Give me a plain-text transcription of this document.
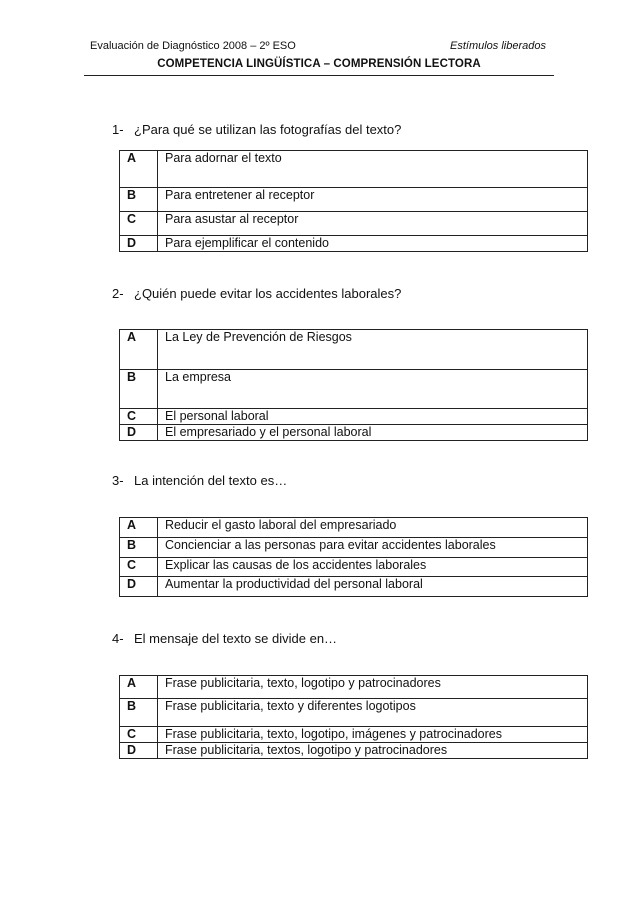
Evaluación de Diagnóstico 2008 – 2º ESO	Estímulos liberados
COMPETENCIA LINGÜÍSTICA – COMPRENSIÓN LECTORA
1- ¿Para qué se utilizan las fotografías del texto?
A	Para adornar el texto
B	Para entretener al receptor
C	Para asustar al receptor
D	Para ejemplificar el contenido
2- ¿Quién puede evitar los accidentes laborales?
A	La Ley de Prevención de Riesgos
B	La empresa
C	El personal laboral
D	El empresariado y el personal laboral
3- La intención del texto es…
A	Reducir el gasto laboral del empresariado
B	Concienciar a las personas para evitar accidentes laborales
C	Explicar las causas de los accidentes laborales
D	Aumentar la productividad del personal laboral
4- El mensaje del texto se divide en…
A	Frase publicitaria, texto, logotipo y patrocinadores
B	Frase publicitaria, texto y diferentes logotipos
C	Frase publicitaria, texto, logotipo, imágenes y patrocinadores
D	Frase publicitaria, textos, logotipo y patrocinadores
